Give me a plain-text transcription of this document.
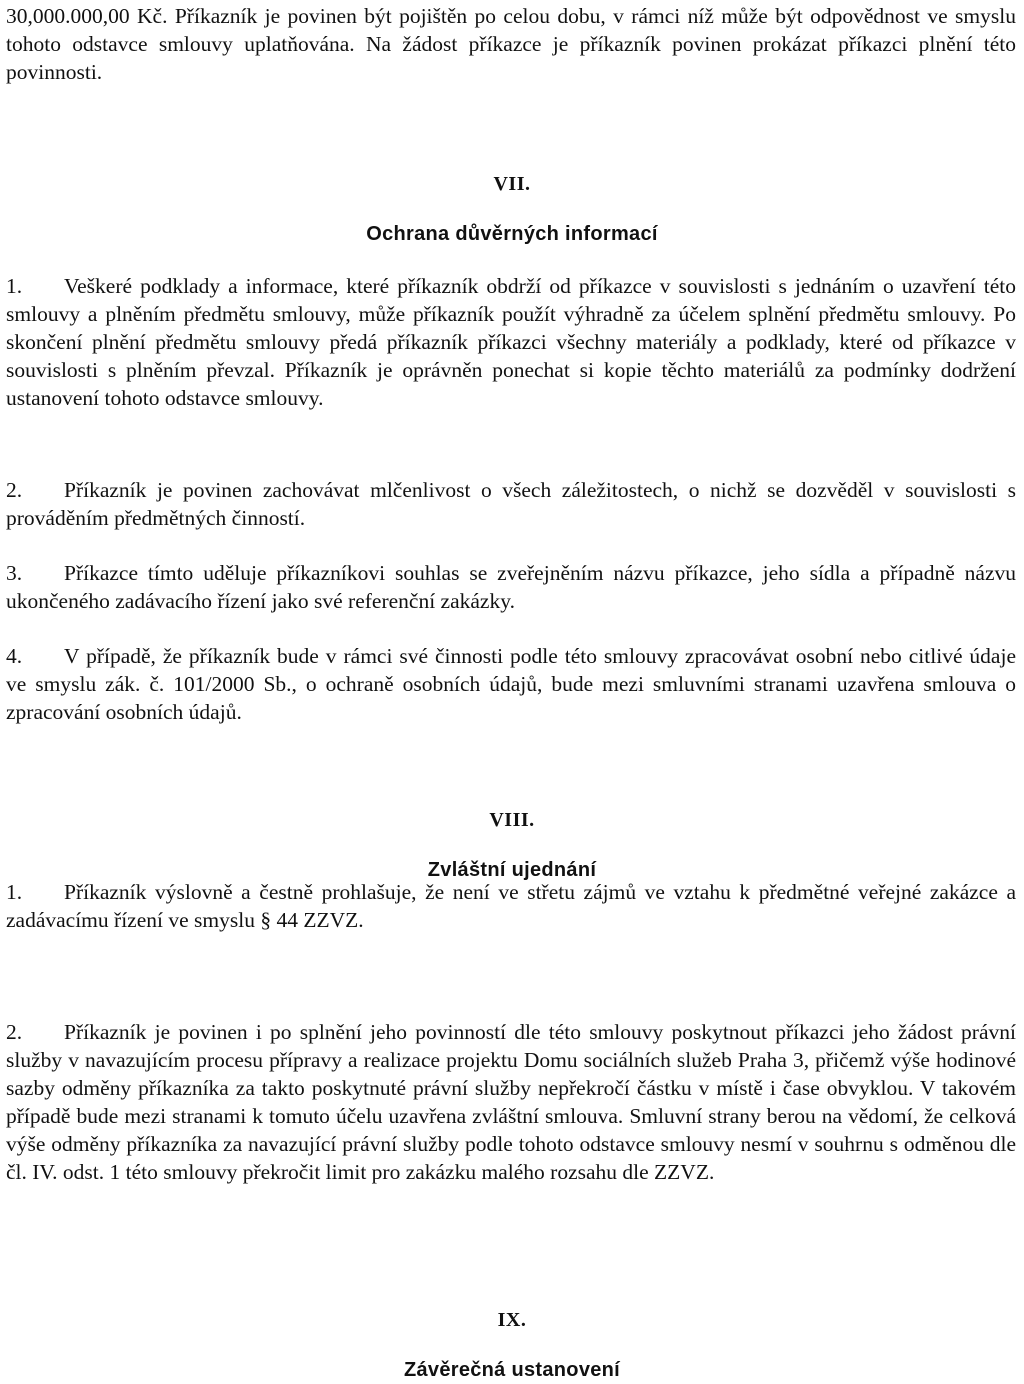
30,000.000,00 Kč. Příkazník je povinen být pojištěn po celou dobu, v rámci níž může být odpovědnost ve smyslu tohoto odstavce smlouvy uplatňována. Na žádost příkazce je příkazník povinen prokázat příkazci plnění této povinnosti.

VII.

Ochrana důvěrných informací

1. Veškeré podklady a informace, které příkazník obdrží od příkazce v souvislosti s jednáním o uzavření této smlouvy a plněním předmětu smlouvy, může příkazník použít výhradně za účelem splnění předmětu smlouvy. Po skončení plnění předmětu smlouvy předá příkazník příkazci všechny materiály a podklady, které od příkazce v souvislosti s plněním převzal. Příkazník je oprávněn ponechat si kopie těchto materiálů za podmínky dodržení ustanovení tohoto odstavce smlouvy.

2. Příkazník je povinen zachovávat mlčenlivost o všech záležitostech, o nichž se dozvěděl v souvislosti s prováděním předmětných činností.

3. Příkazce tímto uděluje příkazníkovi souhlas se zveřejněním názvu příkazce, jeho sídla a případně názvu ukončeného zadávacího řízení jako své referenční zakázky.

4. V případě, že příkazník bude v rámci své činnosti podle této smlouvy zpracovávat osobní nebo citlivé údaje ve smyslu zák. č. 101/2000 Sb., o ochraně osobních údajů, bude mezi smluvními stranami uzavřena smlouva o zpracování osobních údajů.

VIII.

Zvláštní ujednání

1. Příkazník výslovně a čestně prohlašuje, že není ve střetu zájmů ve vztahu k předmětné veřejné zakázce a zadávacímu řízení ve smyslu § 44 ZZVZ.

2. Příkazník je povinen i po splnění jeho povinností dle této smlouvy poskytnout příkazci jeho žádost právní služby v navazujícím procesu přípravy a realizace projektu Domu sociálních služeb Praha 3, přičemž výše hodinové sazby odměny příkazníka za takto poskytnuté právní služby nepřekročí částku v místě i čase obvyklou. V takovém případě bude mezi stranami k tomuto účelu uzavřena zvláštní smlouva. Smluvní strany berou na vědomí, že celková výše odměny příkazníka za navazující právní služby podle tohoto odstavce smlouvy nesmí v souhrnu s odměnou dle čl. IV. odst. 1 této smlouvy překročit limit pro zakázku malého rozsahu dle ZZVZ.

IX.

Závěrečná ustanovení
